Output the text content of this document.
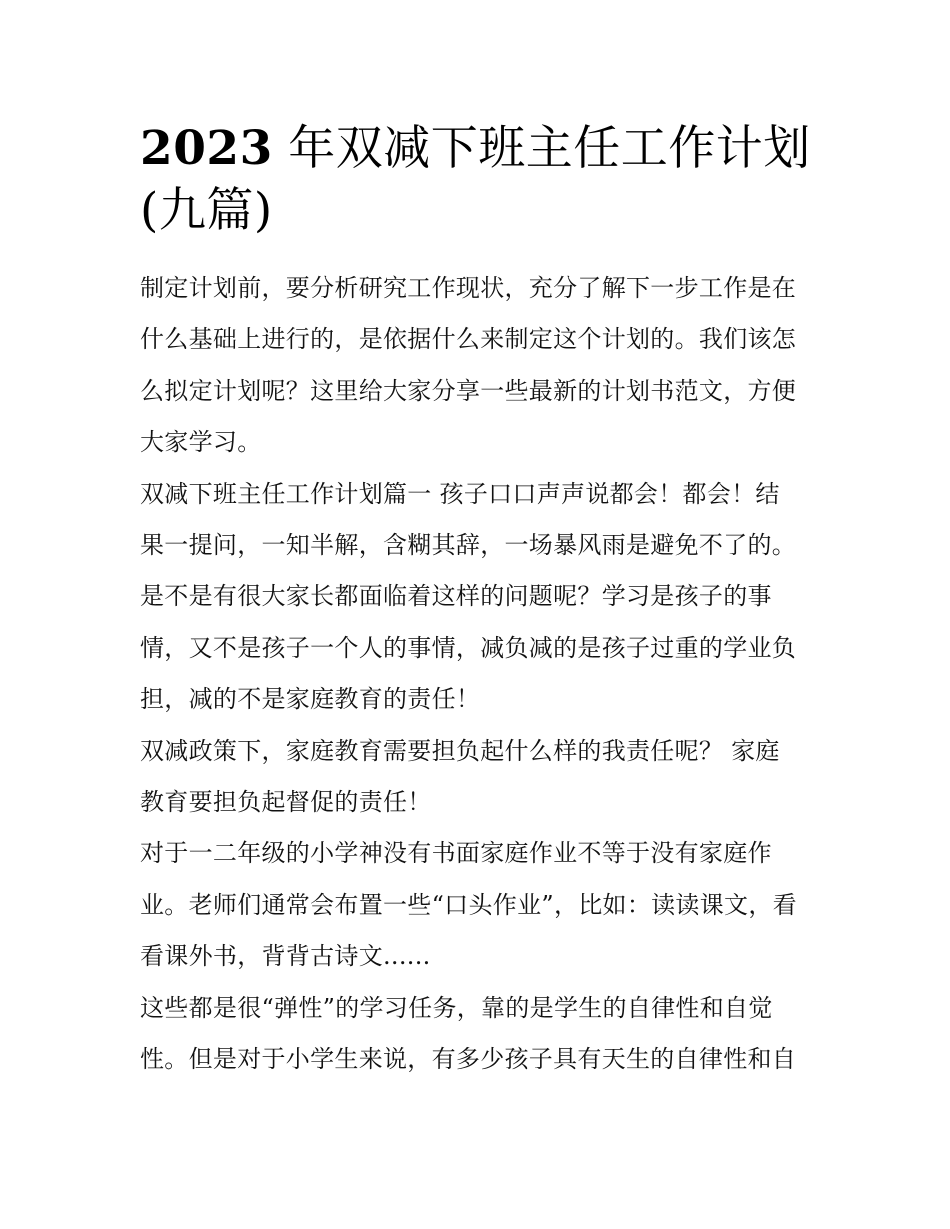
2023 年双减下班主任工作计划
(九篇)
制定计划前，要分析研究工作现状，充分了解下一步工作是在
什么基础上进行的，是依据什么来制定这个计划的。我们该怎
么拟定计划呢？这里给大家分享一些最新的计划书范文，方便
大家学习。
双减下班主任工作计划篇一 孩子口口声声说都会！都会！结
果一提问，一知半解，含糊其辞，一场暴风雨是避免不了的。
是不是有很大家长都面临着这样的问题呢？学习是孩子的事
情，又不是孩子一个人的事情，减负减的是孩子过重的学业负
担，减的不是家庭教育的责任！
双减政策下，家庭教育需要担负起什么样的我责任呢？ 家庭
教育要担负起督促的责任！
对于一二年级的小学神没有书面家庭作业不等于没有家庭作
业。老师们通常会布置一些“口头作业”，比如：读读课文，看
看课外书，背背古诗文......
这些都是很“弹性”的学习任务，靠的是学生的自律性和自觉
性。但是对于小学生来说，有多少孩子具有天生的自律性和自
